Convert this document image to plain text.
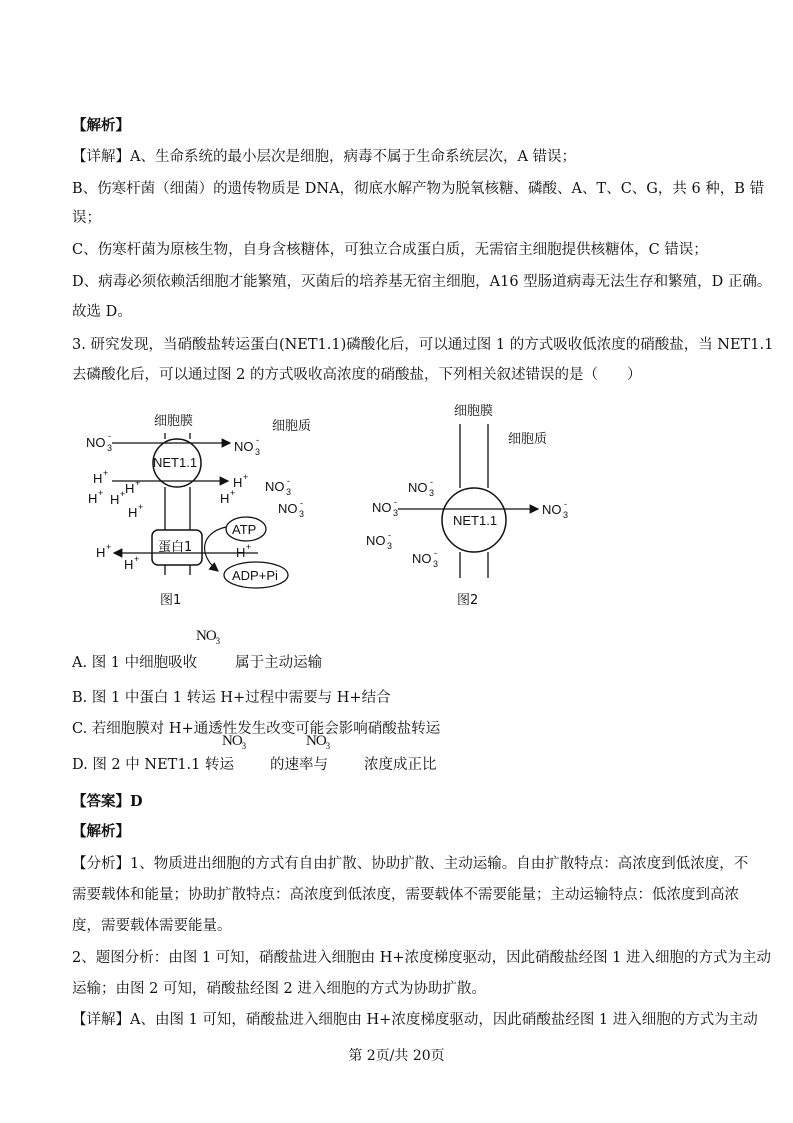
【解析】
【详解】A、生命系统的最小层次是细胞，病毒不属于生命系统层次，A 错误；
B、伤寒杆菌（细菌）的遗传物质是 DNA，彻底水解产物为脱氧核糖、磷酸、A、T、C、G，共 6 种，B 错
误；
C、伤寒杆菌为原核生物，自身含核糖体，可独立合成蛋白质，无需宿主细胞提供核糖体，C 错误；
D、病毒必须依赖活细胞才能繁殖，灭菌后的培养基无宿主细胞，A16 型肠道病毒无法生存和繁殖，D 正确。
故选 D。
3. 研究发现，当硝酸盐转运蛋白(NET1.1)磷酸化后，可以通过图 1 的方式吸收低浓度的硝酸盐，当 NET1.1
去磷酸化后，可以通过图 2 的方式吸收高浓度的硝酸盐，下列相关叙述错误的是（　　）
细胞膜	细胞质
NET1.1
NO 3
-
NO 3
-
H +
H +
H +
H + H +
H +
H + NO 3
-
NO 3
-
蛋白1
H +
H +	H +
ATP
ADP+Pi
图1
细胞膜
细胞质
NET1.1
NO 3
-
NO 3
-	NO 3
-
NO 3
-
NO 3
-
图2
$NO_3$
A. 图 1 中细胞吸收	属于主动运输
B. 图 1 中蛋白 1 转运 H+过程中需要与 H+结合
C. 若细胞膜对 H+通透性发生改变可能会影响硝酸盐转运
$NO_3$	$NO_3$
D. 图 2 中 NET1.1 转运 的速率与 浓度成正比
【答案】D
【解析】
【分析】1、物质进出细胞的方式有自由扩散、协助扩散、主动运输。自由扩散特点：高浓度到低浓度，不
需要载体和能量；协助扩散特点：高浓度到低浓度，需要载体不需要能量；主动运输特点：低浓度到高浓
度，需要载体需要能量。
2、题图分析：由图 1 可知，硝酸盐进入细胞由 H+浓度梯度驱动，因此硝酸盐经图 1 进入细胞的方式为主动
运输；由图 2 可知，硝酸盐经图 2 进入细胞的方式为协助扩散。
【详解】A、由图 1 可知，硝酸盐进入细胞由 H+浓度梯度驱动，因此硝酸盐经图 1 进入细胞的方式为主动
第 2页/共 20页
